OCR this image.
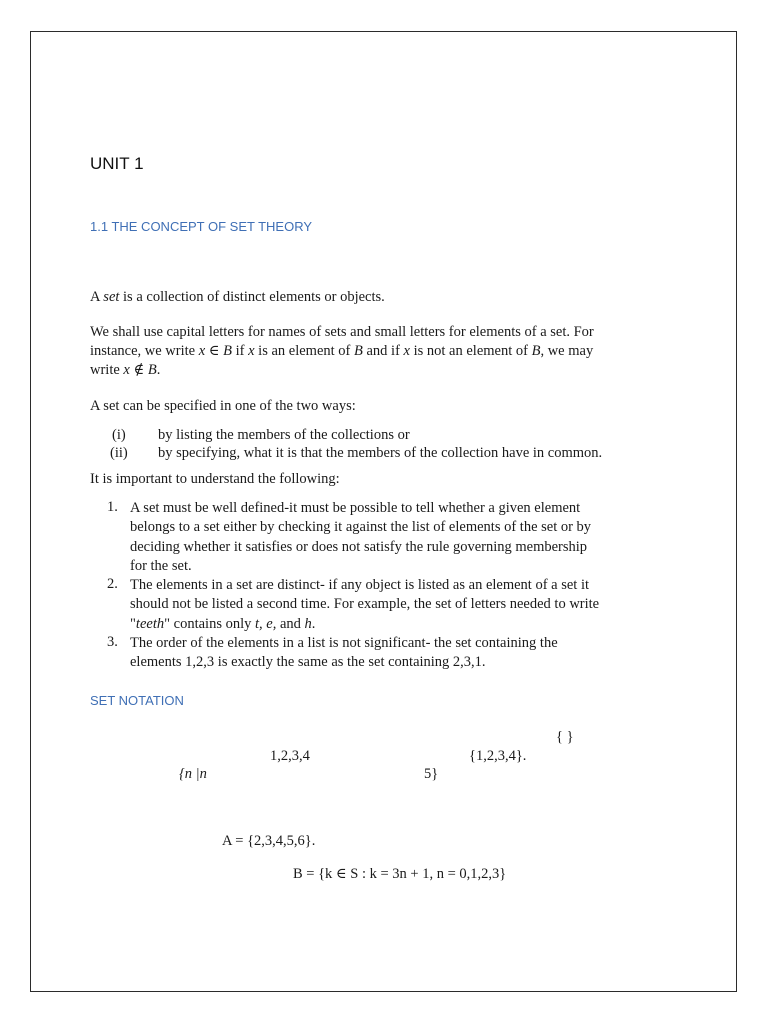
UNIT 1
1.1 THE CONCEPT OF SET THEORY
A set is a collection of distinct elements or objects.
We shall use capital letters for names of sets and small letters for elements of a set. For
instance, we write x ∈ B if x is an element of B and if x is not an element of B, we may
write x ∉ B.
A set can be specified in one of the two ways:
(i) by listing the members of the collections or
(ii) by specifying, what it is that the members of the collection have in common.
It is important to understand the following:
1. A set must be well defined-it must be possible to tell whether a given element
belongs to a set either by checking it against the list of elements of the set or by
deciding whether it satisfies or does not satisfy the rule governing membership
for the set.
2. The elements in a set are distinct- if any object is listed as an element of a set it
should not be listed a second time. For example, the set of letters needed to write
"teeth" contains only t, e, and h.
3. The order of the elements in a list is not significant- the set containing the
elements 1,2,3 is exactly the same as the set containing 2,3,1.
SET NOTATION
{ }
1,2,3,4	{1,2,3,4}.
{n |n	5}
A = {2,3,4,5,6}.
B = {k ∈ S : k = 3n + 1, n = 0,1,2,3}
